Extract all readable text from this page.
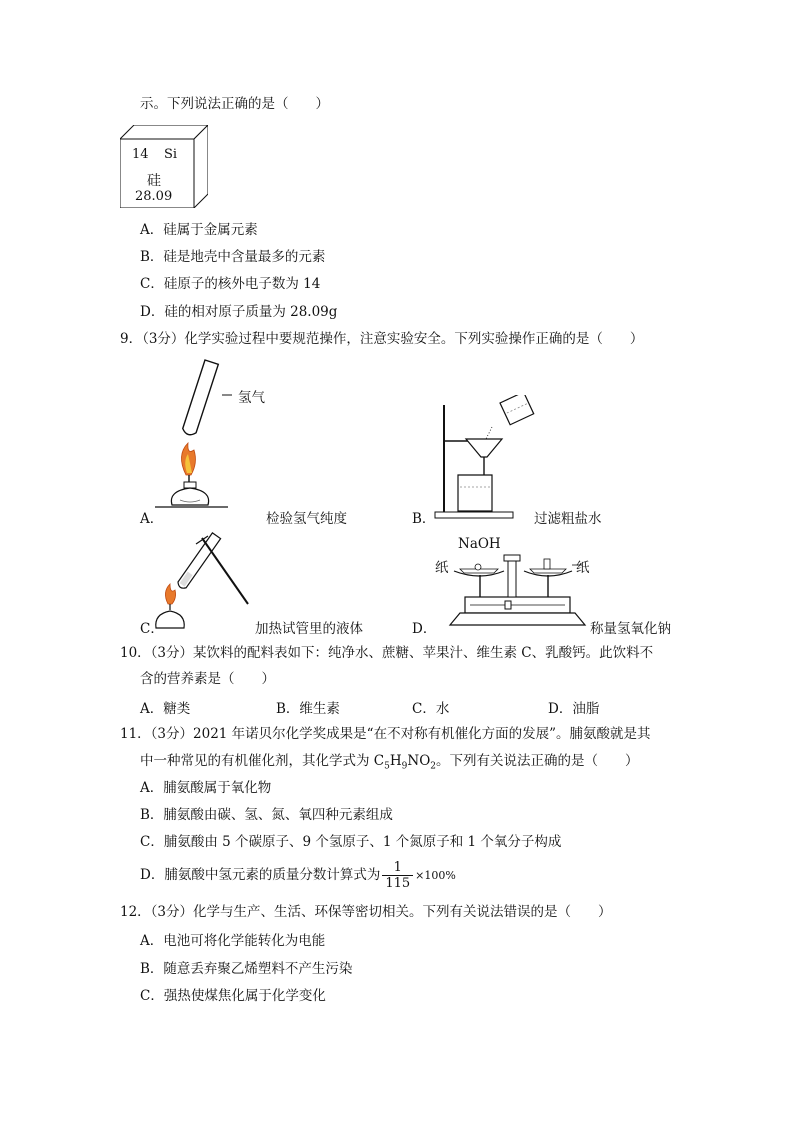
示。下列说法正确的是（　　）
14 Si
硅
28.09
A．硅属于金属元素
B．硅是地壳中含量最多的元素
C．硅原子的核外电子数为 14
D．硅的相对原子质量为 28.09g
9．（3分）化学实验过程中要规范操作，注意实验安全。下列实验操作正确的是（　　）
氢气
A．	检验氢气纯度	B．	过滤粗盐水
C．	加热试管里的液体
NaOH
纸	纸
D．	称量氢氧化钠
10．（3分）某饮料的配料表如下：纯净水、蔗糖、苹果汁、维生素 C、乳酸钙。此饮料不
含的营养素是（　　）
A．糖类	B．维生素	C．水	D．油脂
11．（3分）2021 年诺贝尔化学奖成果是“在不对称有机催化方面的发展”。脯氨酸就是其
中一种常见的有机催化剂，其化学式为 $C_5H_9NO_2$。下列有关说法正确的是（　　）
A．脯氨酸属于氧化物
B．脯氨酸由碳、氢、氮、氧四种元素组成
C．脯氨酸由 5 个碳原子、9 个氢原子、1 个氮原子和 1 个氧分子构成
D．脯氨酸中氢元素的质量分数计算式为 $\frac{1}{115} \times 100\%$
12．（3分）化学与生产、生活、环保等密切相关。下列有关说法错误的是（　　）
A．电池可将化学能转化为电能
B．随意丢弃聚乙烯塑料不产生污染
C．强热使煤焦化属于化学变化
